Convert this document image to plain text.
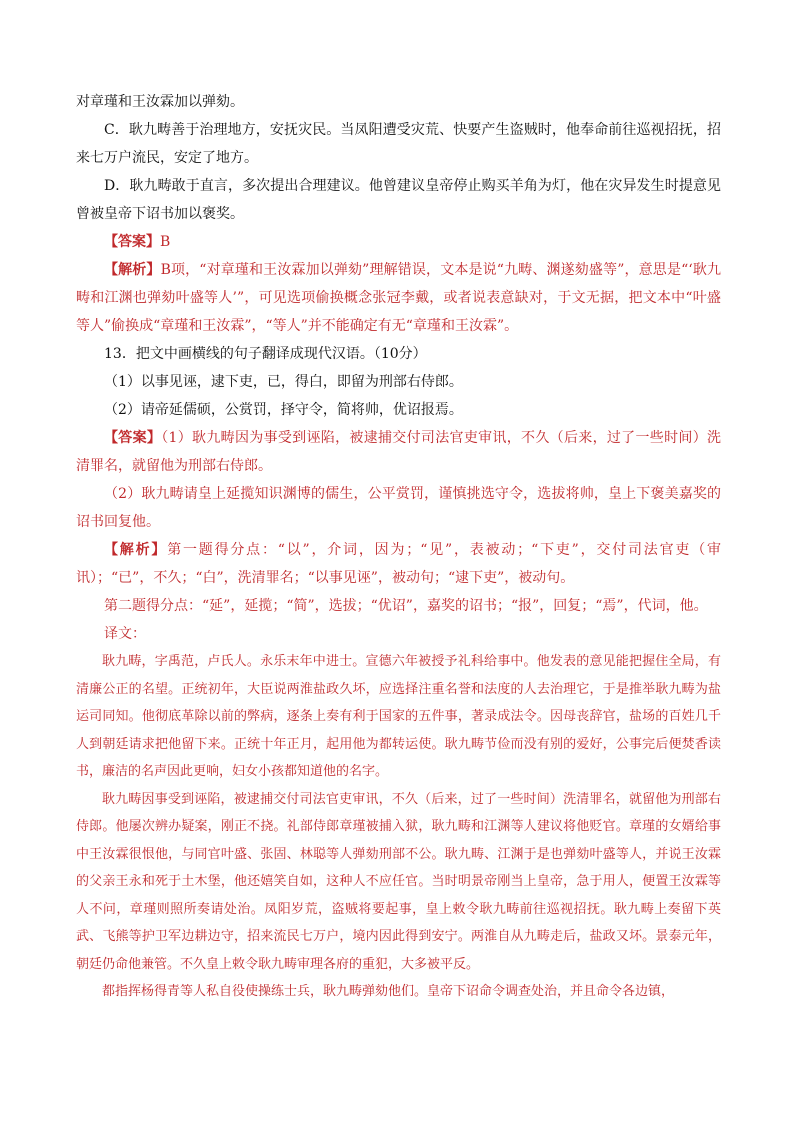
对章瑾和王汝霖加以弹劾。

C．耿九畴善于治理地方，安抚灾民。当凤阳遭受灾荒、快要产生盗贼时，他奉命前往巡视招抚，招来七万户流民，安定了地方。

D．耿九畴敢于直言，多次提出合理建议。他曾建议皇帝停止购买羊角为灯，他在灾异发生时提意见曾被皇帝下诏书加以褒奖。

【答案】B

【解析】B项，“对章瑾和王汝霖加以弹劾”理解错误，文本是说“九畴、渊遂劾盛等”，意思是“‘耿九畴和江渊也弹劾叶盛等人’”，可见选项偷换概念张冠李戴，或者说表意缺对，于文无据，把文本中“叶盛等人”偷换成“章瑾和王汝霖”，“等人”并不能确定有无“章瑾和王汝霖”。

13．把文中画横线的句子翻译成现代汉语。（10分）

（1）以事见诬，逮下吏，已，得白，即留为刑部右侍郎。

（2）请帝延儒硕，公赏罚，择守令，简将帅，优诏报焉。

【答案】（1）耿九畴因为事受到诬陷，被逮捕交付司法官吏审讯，不久（后来，过了一些时间）洗清罪名，就留他为刑部右侍郎。

（2）耿九畴请皇上延揽知识渊博的儒生，公平赏罚，谨慎挑选守令，选拔将帅，皇上下褒美嘉奖的诏书回复他。

【解析】第一题得分点：“以”，介词，因为；“见”，表被动；“下吏”，交付司法官吏（审讯）；“已”，不久；“白”，洗清罪名；“以事见诬”，被动句；“逮下吏”，被动句。

第二题得分点：“延”，延揽；“简”，选拔；“优诏”，嘉奖的诏书；“报”，回复；“焉”，代词，他。

译文：

耿九畴，字禹范，卢氏人。永乐末年中进士。宣德六年被授予礼科给事中。他发表的意见能把握住全局，有清廉公正的名望。正统初年，大臣说两淮盐政久坏，应选择注重名誉和法度的人去治理它，于是推举耿九畴为盐运司同知。他彻底革除以前的弊病，逐条上奏有利于国家的五件事，著录成法令。因母丧辞官，盐场的百姓几千人到朝廷请求把他留下来。正统十年正月，起用他为都转运使。耿九畴节俭而没有别的爱好，公事完后便焚香读书，廉洁的名声因此更响，妇女小孩都知道他的名字。

耿九畴因事受到诬陷，被逮捕交付司法官吏审讯，不久（后来，过了一些时间）洗清罪名，就留他为刑部右侍郎。他屡次辨办疑案，刚正不挠。礼部侍郎章瑾被捕入狱，耿九畴和江渊等人建议将他贬官。章瑾的女婿给事中王汝霖很恨他，与同官叶盛、张固、林聪等人弹劾刑部不公。耿九畴、江渊于是也弹劾叶盛等人，并说王汝霖的父亲王永和死于土木堡，他还嬉笑自如，这种人不应任官。当时明景帝刚当上皇帝，急于用人，便置王汝霖等人不问，章瑾则照所奏请处治。凤阳岁荒，盗贼将要起事，皇上敕令耿九畴前往巡视招抚。耿九畴上奏留下英武、飞熊等护卫军边耕边守，招来流民七万户，境内因此得到安宁。两淮自从九畴走后，盐政又坏。景泰元年，朝廷仍命他兼管。不久皇上敕令耿九畴审理各府的重犯，大多被平反。

都指挥杨得青等人私自役使操练士兵，耿九畴弹劾他们。皇帝下诏命令调查处治，并且命令各边镇，
